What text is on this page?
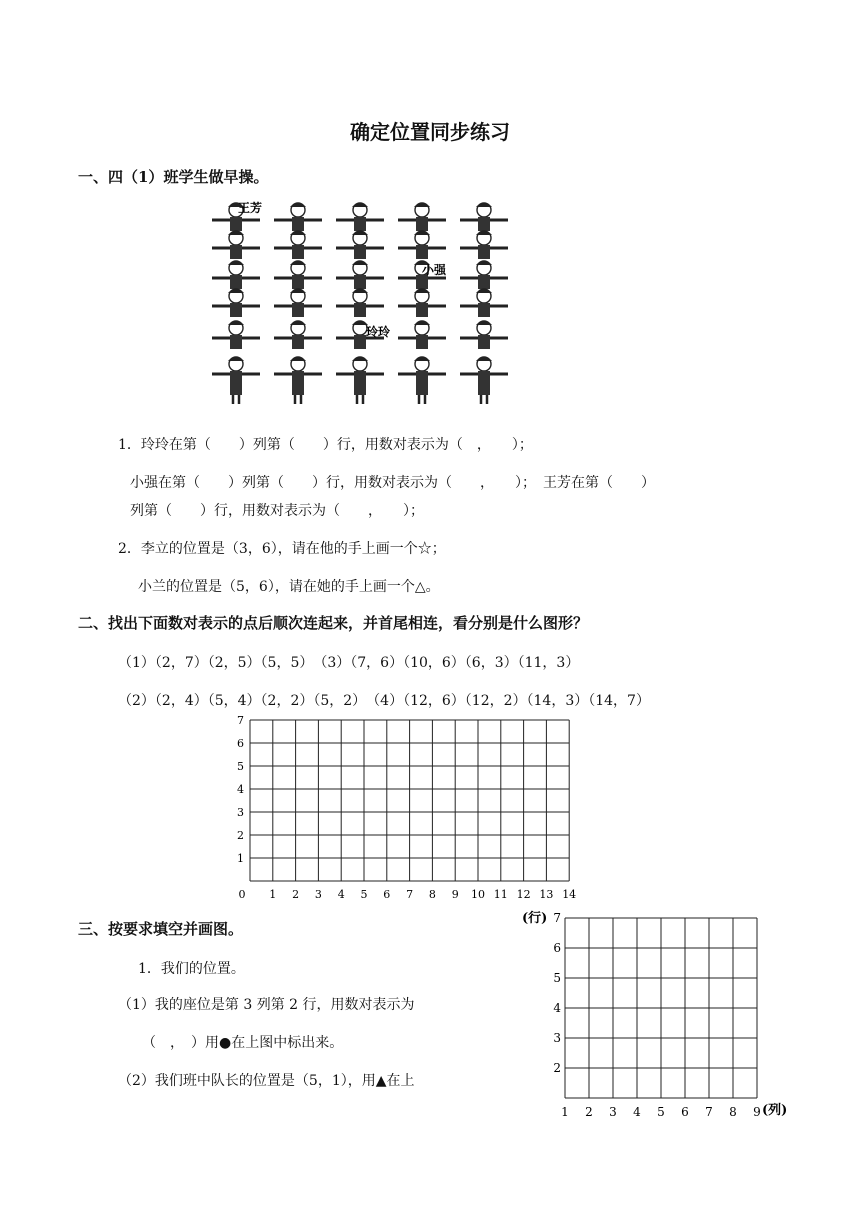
确定位置同步练习
一、四（1）班学生做早操。
王芳
小强
玲玲
1．玲玲在第（　　）列第（　　）行，用数对表示为（　，　　）；
小强在第（　　）列第（　　）行，用数对表示为（　　，　　）；　王芳在第（　　）
列第（　　）行，用数对表示为（　　，　　）；
2．李立的位置是（3，6），请在他的手上画一个☆；
小兰的位置是（5，6），请在她的手上画一个△。
二、找出下面数对表示的点后顺次连起来，并首尾相连，看分别是什么图形？
（1）（2，7）（2，5）（5，5）　（3）（7，6）（10，6）（6，3）（11，3）
（2）（2，4）（5，4）（2，2）（5，2）　（4）（12，6）（12，2）（14，3）（14，7）
7
6
5
4
3
2
1
0 1 2 3 4 5 6 7 8 9 10 11 12 13 14
三、按要求填空并画图。
1．我们的位置。
（1）我的座位是第 3 列第 2 行，用数对表示为
（　，　）用●在上图中标出来。
（2）我们班中队长的位置是（5，1），用▲在上
(行)
(列)
7
6
5
4
3
2
1 2 3 4 5 6 7 8 9
